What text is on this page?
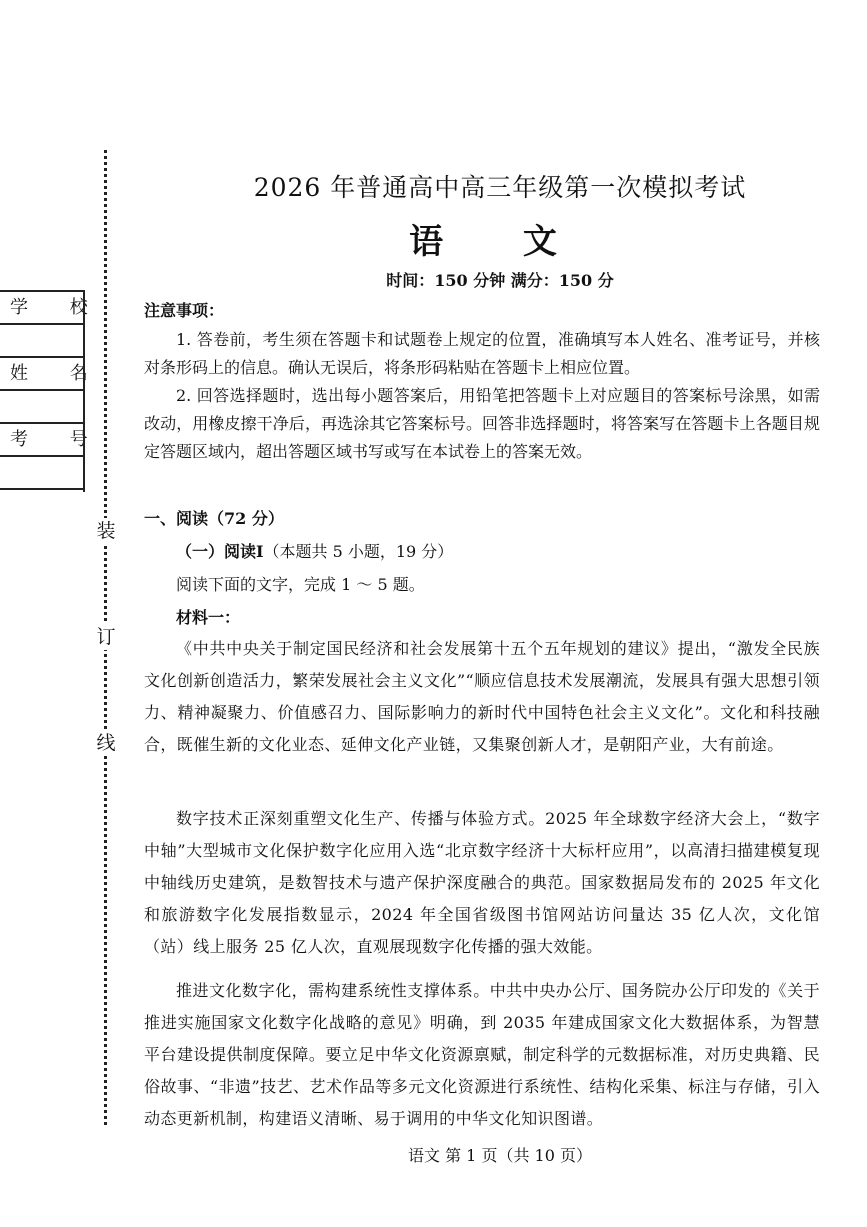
装
订
线
学 校
姓 名
考 号
2026 年普通高中高三年级第一次模拟考试
语 文
时间：150 分钟 满分：150 分
注意事项：
1. 答卷前，考生须在答题卡和试题卷上规定的位置，准确填写本人姓名、准考证号，并核对条形码上的信息。确认无误后，将条形码粘贴在答题卡上相应位置。
2. 回答选择题时，选出每小题答案后，用铅笔把答题卡上对应题目的答案标号涂黑，如需改动，用橡皮擦干净后，再选涂其它答案标号。回答非选择题时，将答案写在答题卡上各题目规定答题区域内，超出答题区域书写或写在本试卷上的答案无效。
一、阅读（72 分）
（一）阅读Ⅰ（本题共 5 小题，19 分）
阅读下面的文字，完成 1 ～ 5 题。
材料一：
《中共中央关于制定国民经济和社会发展第十五个五年规划的建议》提出，“激发全民族文化创新创造活力，繁荣发展社会主义文化”“顺应信息技术发展潮流，发展具有强大思想引领力、精神凝聚力、价值感召力、国际影响力的新时代中国特色社会主义文化”。文化和科技融合，既催生新的文化业态、延伸文化产业链，又集聚创新人才，是朝阳产业，大有前途。
数字技术正深刻重塑文化生产、传播与体验方式。2025 年全球数字经济大会上，“数字中轴”大型城市文化保护数字化应用入选“北京数字经济十大标杆应用”，以高清扫描建模复现中轴线历史建筑，是数智技术与遗产保护深度融合的典范。国家数据局发布的 2025 年文化和旅游数字化发展指数显示，2024 年全国省级图书馆网站访问量达 35 亿人次，文化馆（站）线上服务 25 亿人次，直观展现数字化传播的强大效能。
推进文化数字化，需构建系统性支撑体系。中共中央办公厅、国务院办公厅印发的《关于推进实施国家文化数字化战略的意见》明确，到 2035 年建成国家文化大数据体系，为智慧平台建设提供制度保障。要立足中华文化资源禀赋，制定科学的元数据标准，对历史典籍、民俗故事、“非遗”技艺、艺术作品等多元文化资源进行系统性、结构化采集、标注与存储，引入动态更新机制，构建语义清晰、易于调用的中华文化知识图谱。
语文 第 1 页（共 10 页）
